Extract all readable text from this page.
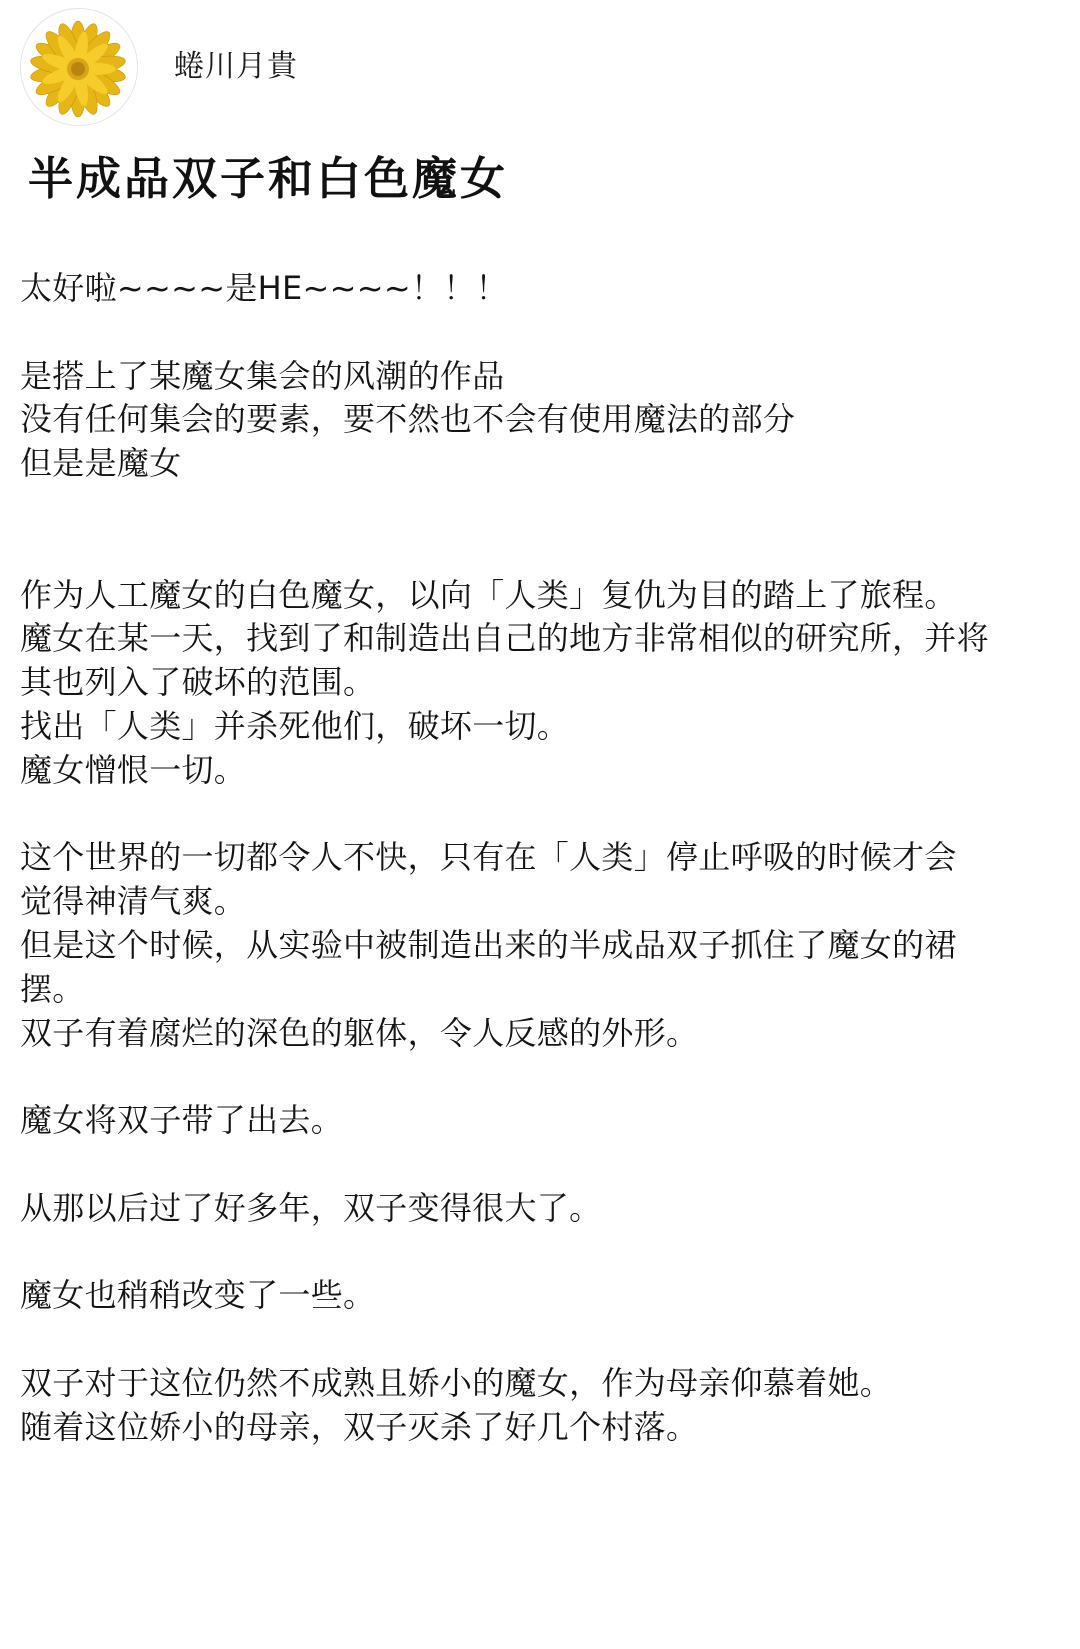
蜷川月貴
半成品双子和白色魔女
太好啦~~~~是HE~~~~！！！
是搭上了某魔女集会的风潮的作品
没有任何集会的要素，要不然也不会有使用魔法的部分
但是是魔女
作为人工魔女的白色魔女，以向「人类」复仇为目的踏上了旅程。
魔女在某一天，找到了和制造出自己的地方非常相似的研究所，并将
其也列入了破坏的范围。
找出「人类」并杀死他们，破坏一切。
魔女憎恨一切。
这个世界的一切都令人不快，只有在「人类」停止呼吸的时候才会
觉得神清气爽。
但是这个时候，从实验中被制造出来的半成品双子抓住了魔女的裙
摆。
双子有着腐烂的深色的躯体，令人反感的外形。
魔女将双子带了出去。
从那以后过了好多年，双子变得很大了。
魔女也稍稍改变了一些。
双子对于这位仍然不成熟且娇小的魔女，作为母亲仰慕着她。
随着这位娇小的母亲，双子灭杀了好几个村落。
